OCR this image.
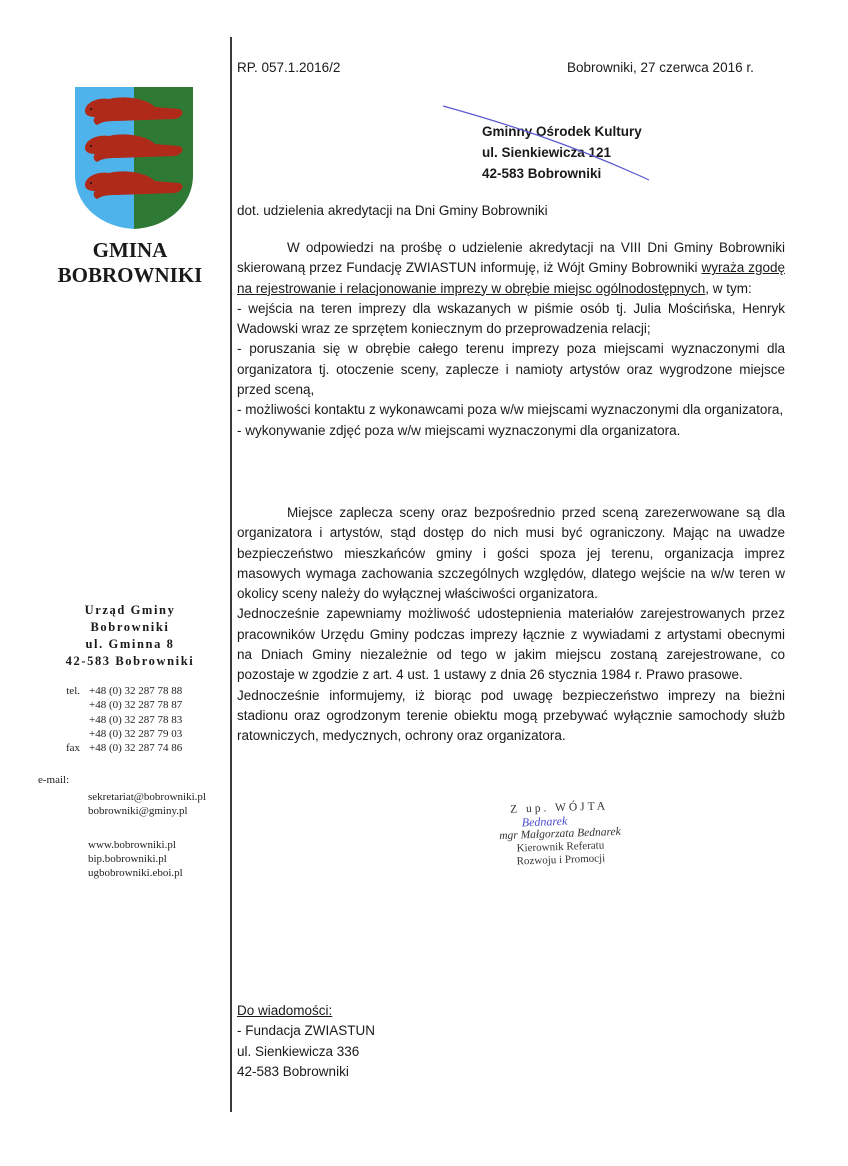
GMINA
BOBROWNIKI
Urząd Gminy
Bobrowniki
ul. Gminna 8
42-583 Bobrowniki
tel. +48 (0) 32 287 78 88
+48 (0) 32 287 78 87
+48 (0) 32 287 78 83
+48 (0) 32 287 79 03
fax +48 (0) 32 287 74 86
e-mail:
sekretariat@bobrowniki.pl
bobrowniki@gminy.pl
www.bobrowniki.pl
bip.bobrowniki.pl
ugbobrowniki.eboi.pl
RP. 057.1.2016/2	Bobrowniki, 27 czerwca 2016 r.
Gminny Ośrodek Kultury
ul. Sienkiewicza 121
42-583 Bobrowniki
dot. udzielenia akredytacji na Dni Gminy Bobrowniki

W odpowiedzi na prośbę o udzielenie akredytacji na VIII Dni Gminy Bobrowniki skierowaną przez Fundację ZWIASTUN informuję, iż Wójt Gminy Bobrowniki wyraża zgodę na rejestrowanie i relacjonowanie imprezy w obrębie miejsc ogólnodostępnych, w tym:

- wejścia na teren imprezy dla wskazanych w piśmie osób tj. Julia Mościńska, Henryk Wadowski wraz ze sprzętem koniecznym do przeprowadzenia relacji;

- poruszania się w obrębie całego terenu imprezy poza miejscami wyznaczonymi dla organizatora tj. otoczenie sceny, zaplecze i namioty artystów oraz wygrodzone miejsce przed sceną,

- możliwości kontaktu z wykonawcami poza w/w miejscami wyznaczonymi dla organizatora,

- wykonywanie zdjęć poza w/w miejscami wyznaczonymi dla organizatora.

Miejsce zaplecza sceny oraz bezpośrednio przed sceną zarezerwowane są dla organizatora i artystów, stąd dostęp do nich musi być ograniczony. Mając na uwadze bezpieczeństwo mieszkańców gminy i gości spoza jej terenu, organizacja imprez masowych wymaga zachowania szczególnych względów, dlatego wejście na w/w teren w okolicy sceny należy do wyłącznej właściwości organizatora.

Jednocześnie zapewniamy możliwość udostepnienia materiałów zarejestrowanych przez pracowników Urzędu Gminy podczas imprezy łącznie z wywiadami z artystami obecnymi na Dniach Gminy niezależnie od tego w jakim miejscu zostaną zarejestrowane, co pozostaje w zgodzie z art. 4 ust. 1 ustawy z dnia 26 stycznia 1984 r. Prawo prasowe.

Jednocześnie informujemy, iż biorąc pod uwagę bezpieczeństwo imprezy na bieżni stadionu oraz ogrodzonym terenie obiektu mogą przebywać wyłącznie samochody służb ratowniczych, medycznych, ochrony oraz organizatora.

Z up. WÓJTA
Bednarek
mgr Małgorzata Bednarek
Kierownik Referatu
Rozwoju i Promocji
Do wiadomości:
- Fundacja ZWIASTUN
ul. Sienkiewicza 336
42-583 Bobrowniki
